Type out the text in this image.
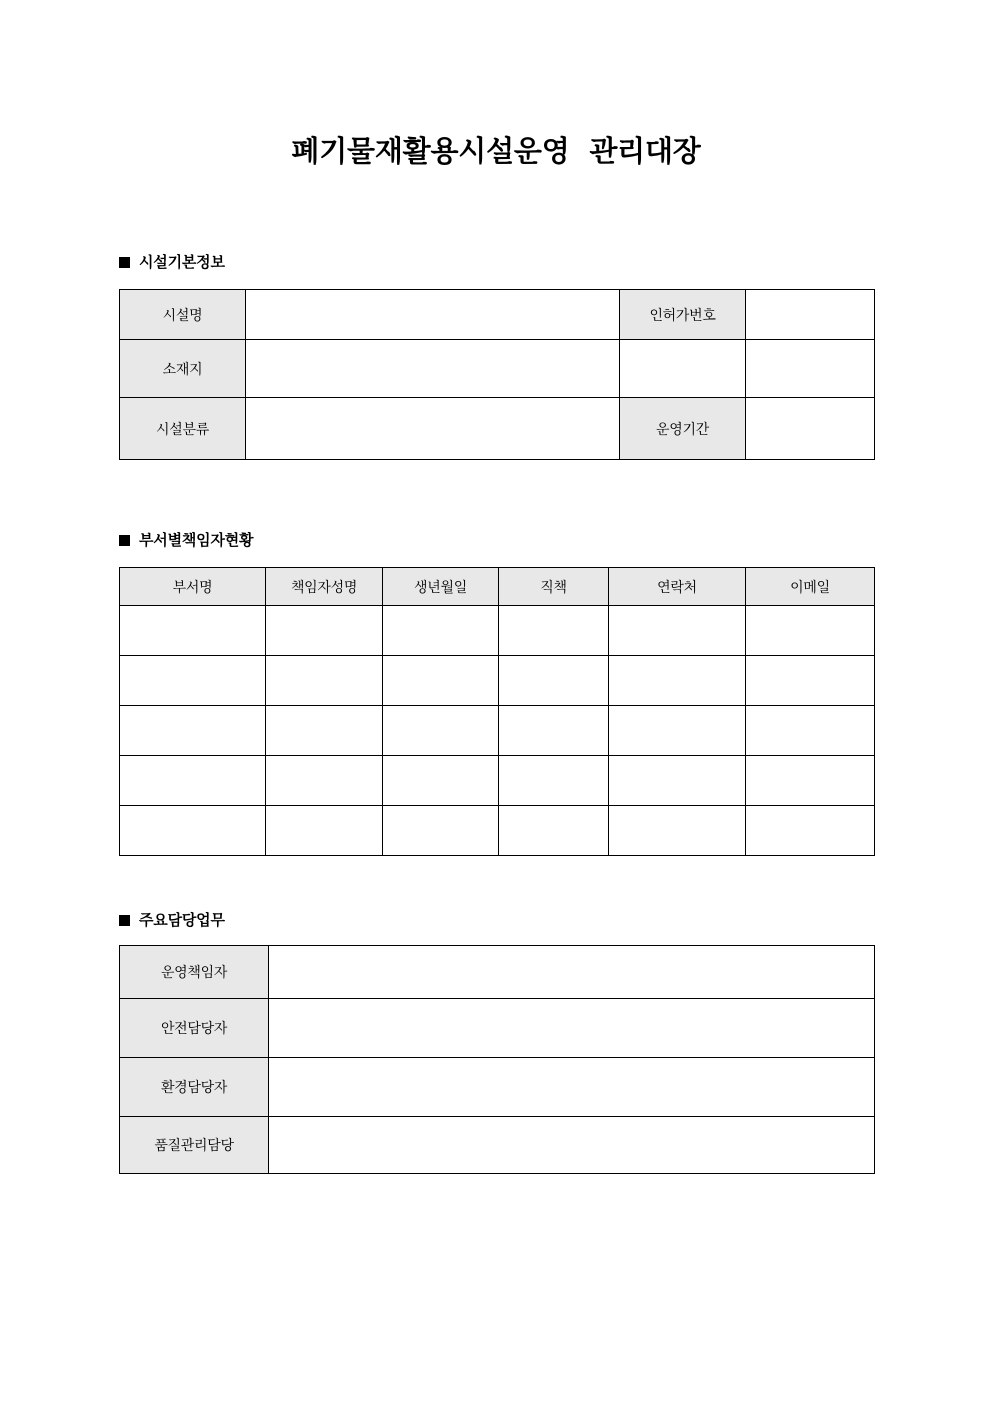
폐기물재활용시설운영  관리대장
시설기본정보
시설명		인허가번호	
소재지			
시설분류		운영기간	
부서별책임자현황
부서명	책임자성명	생년월일	직책	연락처	이메일

주요담당업무
운영책임자	
안전담당자	
환경담당자	
품질관리담당	
